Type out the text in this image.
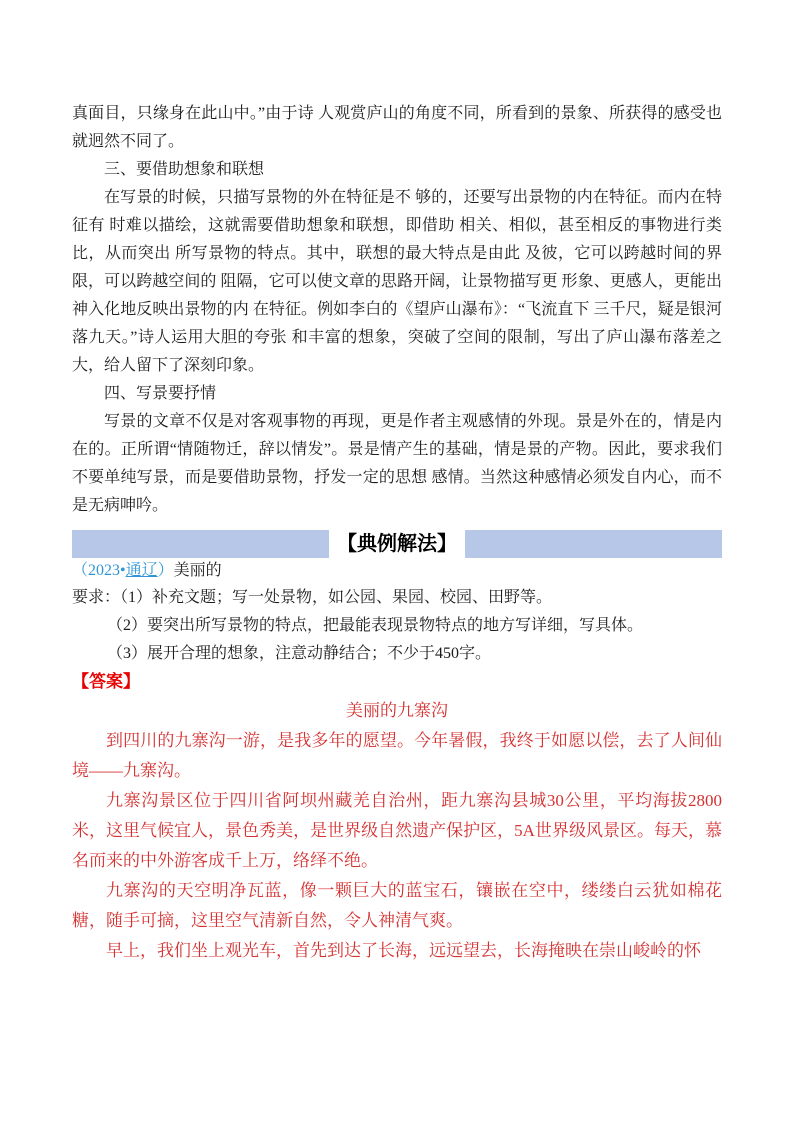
真面目，只缘身在此山中。”由于诗 人观赏庐山的角度不同，所看到的景象、所获得的感受也就迥然不同了。

三、要借助想象和联想

在写景的时候，只描写景物的外在特征是不 够的，还要写出景物的内在特征。而内在特征有 时难以描绘，这就需要借助想象和联想，即借助 相关、相似，甚至相反的事物进行类比，从而突出 所写景物的特点。其中，联想的最大特点是由此 及彼，它可以跨越时间的界限，可以跨越空间的 阻隔，它可以使文章的思路开阔，让景物描写更 形象、更感人，更能出神入化地反映出景物的内 在特征。例如李白的《望庐山瀑布》：“飞流直下 三千尺，疑是银河落九天。”诗人运用大胆的夸张 和丰富的想象，突破了空间的限制，写出了庐山瀑布落差之大，给人留下了深刻印象。

四、写景要抒情

写景的文章不仅是对客观事物的再现，更是作者主观感情的外现。景是外在的，情是内在的。正所谓“情随物迁，辞以情发”。景是情产生的基础，情是景的产物。因此，要求我们不要单纯写景，而是要借助景物，抒发一定的思想 感情。当然这种感情必须发自内心，而不是无病呻吟。

【典例解法】

（2023•通辽）美丽的

要求：（1）补充文题；写一处景物，如公园、果园、校园、田野等。

（2）要突出所写景物的特点，把最能表现景物特点的地方写详细，写具体。

（3）展开合理的想象，注意动静结合；不少于450字。

【答案】

美丽的九寨沟

到四川的九寨沟一游，是我多年的愿望。今年暑假，我终于如愿以偿，去了人间仙境——九寨沟。

九寨沟景区位于四川省阿坝州藏羌自治州，距九寨沟县城30公里，平均海拔2800米，这里气候宜人，景色秀美，是世界级自然遗产保护区，5A世界级风景区。每天，慕名而来的中外游客成千上万，络绎不绝。

九寨沟的天空明净瓦蓝，像一颗巨大的蓝宝石，镶嵌在空中，缕缕白云犹如棉花糖，随手可摘，这里空气清新自然，令人神清气爽。

早上，我们坐上观光车，首先到达了长海，远远望去，长海掩映在崇山峻岭的怀
